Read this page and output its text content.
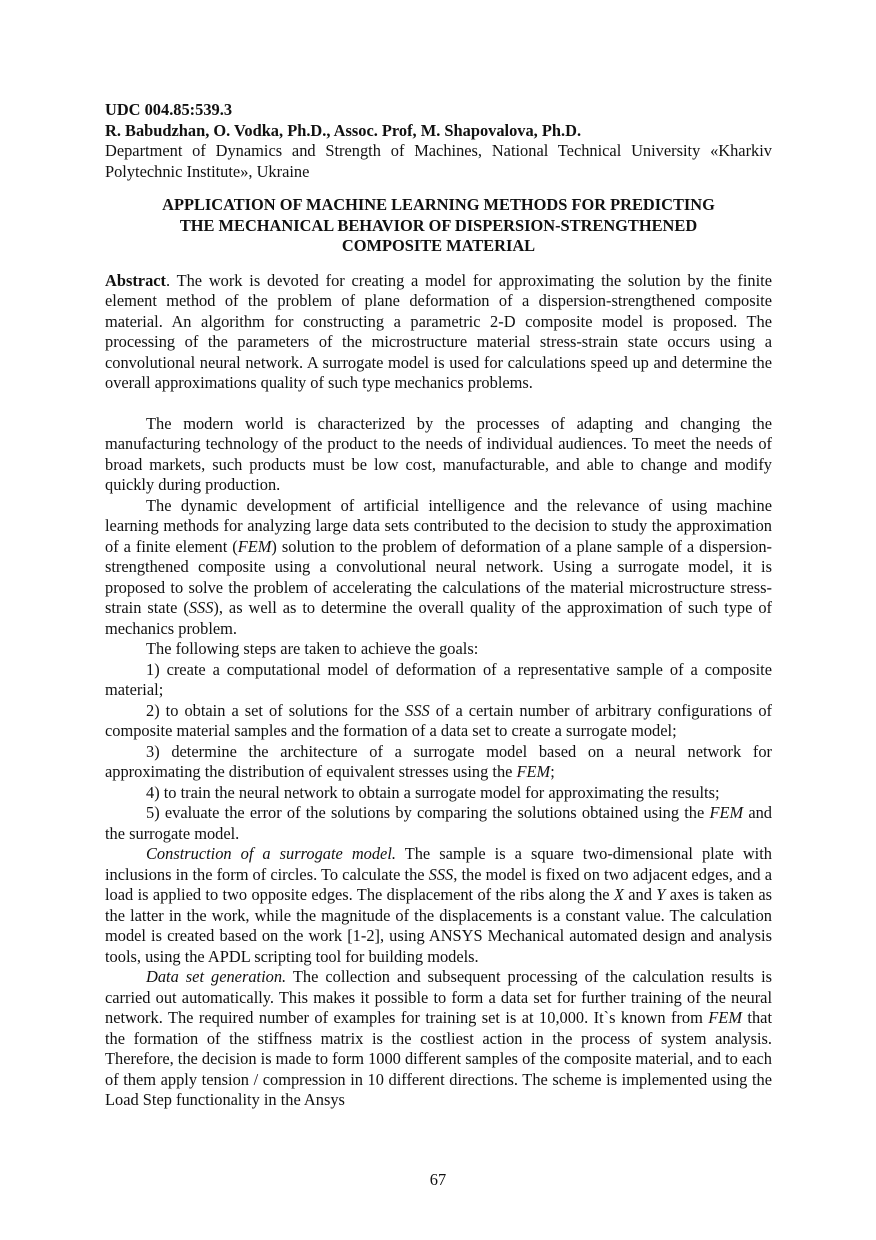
UDC 004.85:539.3
R. Babudzhan, O. Vodka, Ph.D., Assoc. Prof, M. Shapovalova, Ph.D.
Department of Dynamics and Strength of Machines, National Technical University «Kharkiv Polytechnic Institute», Ukraine
APPLICATION OF MACHINE LEARNING METHODS FOR PREDICTING
THE MECHANICAL BEHAVIOR OF DISPERSION-STRENGTHENED
COMPOSITE MATERIAL
Abstract. The work is devoted for creating a model for approximating the solution by the finite element method of the problem of plane deformation of a dispersion-strengthened composite material. An algorithm for constructing a parametric 2-D composite model is proposed. The processing of the parameters of the microstructure material stress-strain state occurs using a convolutional neural network. A surrogate model is used for calculations speed up and determine the overall approximations quality of such type mechanics problems.
The modern world is characterized by the processes of adapting and changing the manufacturing technology of the product to the needs of individual audiences. To meet the needs of broad markets, such products must be low cost, manufacturable, and able to change and modify quickly during production.
The dynamic development of artificial intelligence and the relevance of using machine learning methods for analyzing large data sets contributed to the decision to study the approximation of a finite element (FEM) solution to the problem of deformation of a plane sample of a dispersion-strengthened composite using a convolutional neural network. Using a surrogate model, it is proposed to solve the problem of accelerating the calculations of the material microstructure stress-strain state (SSS), as well as to determine the overall quality of the approximation of such type of mechanics problem.
The following steps are taken to achieve the goals:
1) create a computational model of deformation of a representative sample of a composite material;
2) to obtain a set of solutions for the SSS of a certain number of arbitrary configurations of composite material samples and the formation of a data set to create a surrogate model;
3) determine the architecture of a surrogate model based on a neural network for approximating the distribution of equivalent stresses using the FEM;
4) to train the neural network to obtain a surrogate model for approximating the results;
5) evaluate the error of the solutions by comparing the solutions obtained using the FEM and the surrogate model.
Construction of a surrogate model. The sample is a square two-dimensional plate with inclusions in the form of circles. To calculate the SSS, the model is fixed on two adjacent edges, and a load is applied to two opposite edges. The displacement of the ribs along the X and Y axes is taken as the latter in the work, while the magnitude of the displacements is a constant value. The calculation model is created based on the work [1-2], using ANSYS Mechanical automated design and analysis tools, using the APDL scripting tool for building models.
Data set generation. The collection and subsequent processing of the calculation results is carried out automatically. This makes it possible to form a data set for further training of the neural network. The required number of examples for training set is at 10,000. It`s known from FEM that the formation of the stiffness matrix is the costliest action in the process of system analysis. Therefore, the decision is made to form 1000 different samples of the composite material, and to each of them apply tension / compression in 10 different directions. The scheme is implemented using the Load Step functionality in the Ansys
67
